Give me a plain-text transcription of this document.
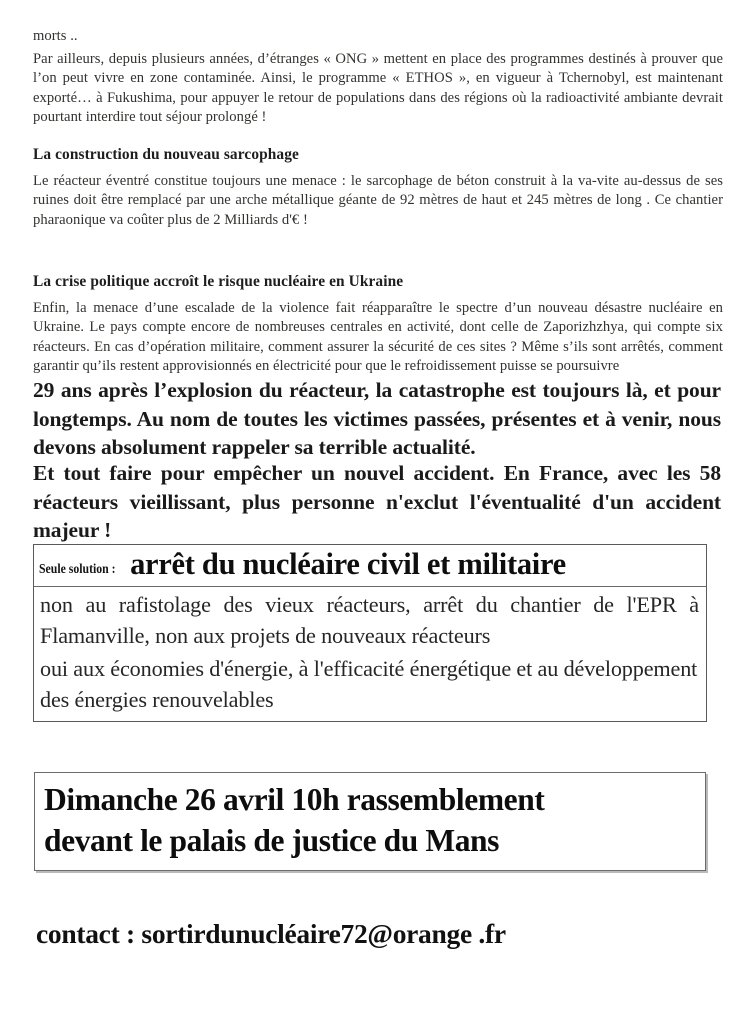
morts ..
Par ailleurs, depuis plusieurs années, d’étranges « ONG » mettent en place des programmes destinés à prouver que l’on peut vivre en zone contaminée. Ainsi, le programme « ETHOS », en vigueur à Tchernobyl, est maintenant exporté… à Fukushima, pour appuyer le retour de populations dans des régions où la radioactivité ambiante devrait pourtant interdire tout séjour prolongé !
La construction du nouveau sarcophage
Le réacteur éventré constitue toujours une menace : le sarcophage de béton construit à la va-vite au-dessus de ses ruines doit être remplacé par une arche métallique géante de 92 mètres de haut et 245 mètres de long . Ce chantier pharaonique va coûter plus de 2 Milliards d'€ !
La crise politique accroît le risque nucléaire en Ukraine
Enfin, la menace d’une escalade de la violence fait réapparaître le spectre d’un nouveau désastre nucléaire en Ukraine. Le pays compte encore de nombreuses centrales en activité, dont celle de Zaporizhzhya, qui compte six réacteurs. En cas d’opération militaire, comment assurer la sécurité de ces sites ? Même s’ils sont arrêtés, comment garantir qu’ils restent approvisionnés en électricité pour que le refroidissement puisse se poursuivre
29 ans après l’explosion du réacteur, la catastrophe est toujours là, et pour longtemps. Au nom de toutes les victimes passées, présentes et à venir, nous devons absolument rappeler sa terrible actualité.
Et tout faire pour empêcher un nouvel accident. En France, avec les 58 réacteurs vieillissant, plus personne n'exclut l'éventualité d'un accident majeur !
Seule solution : arrêt du nucléaire civil et militaire
non au rafistolage des vieux réacteurs, arrêt du chantier de l'EPR à Flamanville, non aux projets de nouveaux réacteurs
oui aux économies d'énergie, à l'efficacité énergétique et au développement des énergies renouvelables
Dimanche 26 avril 10h rassemblement
devant le palais de justice du Mans
contact : sortirdunucléaire72@orange .fr
